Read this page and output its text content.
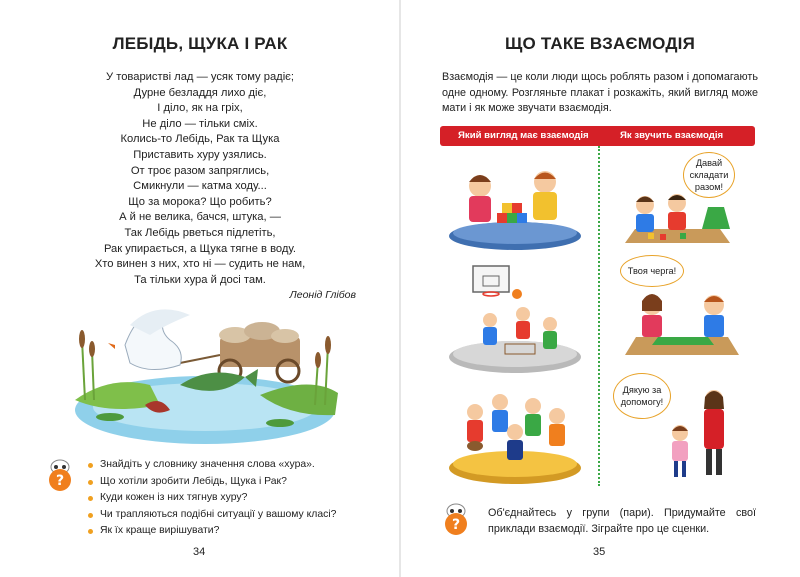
ЛЕБІДЬ, ЩУКА І РАК
У товаристві лад — усяк тому радіє;
Дурне безладдя лихо діє,
І діло, як на гріх,
Не діло — тільки сміх.
Колись-то Лебідь, Рак та Щука
Приставить хуру узялись.
От троє разом запряглись,
Смикнули — катма ходу...
Що за морока? Що робить?
А й не велика, бачся, штука, —
Так Лебідь рветься підлетіть,
Рак упирається, а Щука тягне в воду.
Хто винен з них, хто ні — судить не нам,
Та тільки хура й досі там.
Леонід Глібов
?
Знайдіть у словнику значення слова «хура».
Що хотіли зробити Лебідь, Щука і Рак?
Куди кожен із них тягнув хуру?
Чи трапляються подібні ситуації у вашому класі?
Як їх краще вирішувати?
34
ЩО ТАКЕ ВЗАЄМОДІЯ
Взаємодія — це коли люди щось роблять разом і допомагають одне одному. Розгляньте плакат і розкажіть, який вигляд може мати і як може звучати взаємодія.
Який вигляд має взаємодія	Як звучить взаємодія
Давай складати разом!
Твоя черга!
Дякую за допомогу!
?
Об'єднайтесь у групи (пари). Придумайте свої приклади взаємодії. Зіграйте про це сценки.
35
